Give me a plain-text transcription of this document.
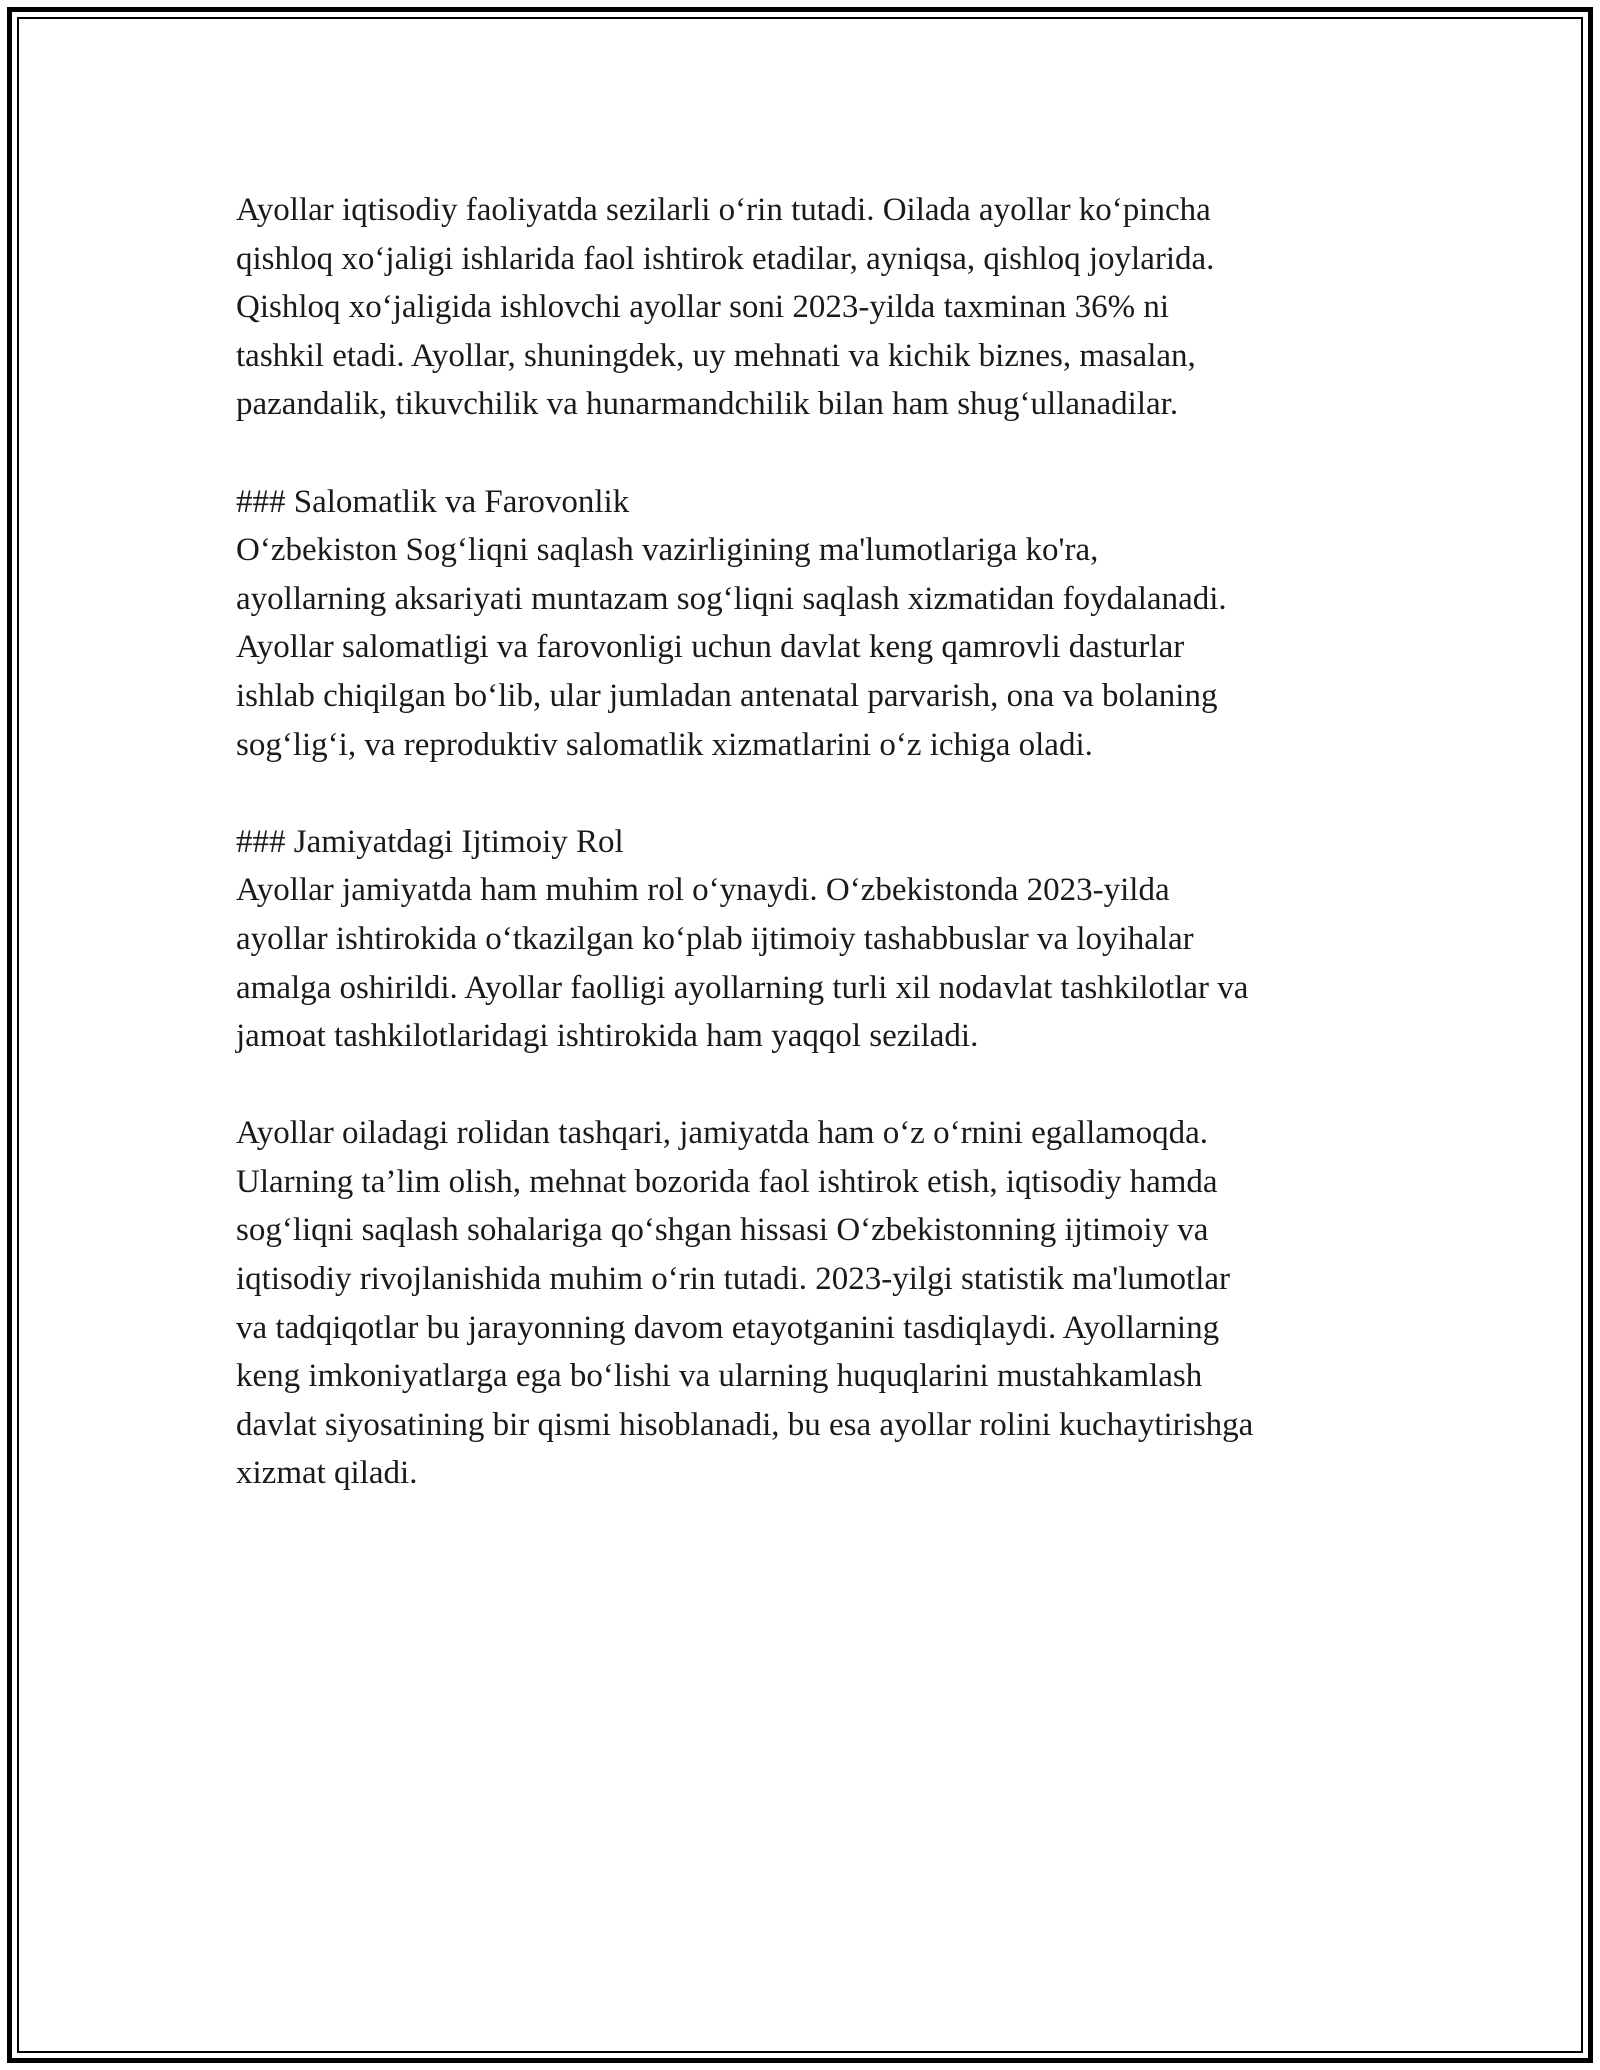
Ayollar iqtisodiy faoliyatda sezilarli o‘rin tutadi. Oilada ayollar ko‘pincha
qishloq xo‘jaligi ishlarida faol ishtirok etadilar, ayniqsa, qishloq joylarida.
Qishloq xo‘jaligida ishlovchi ayollar soni 2023-yilda taxminan 36% ni
tashkil etadi. Ayollar, shuningdek, uy mehnati va kichik biznes, masalan,
pazandalik, tikuvchilik va hunarmandchilik bilan ham shug‘ullanadilar.

### Salomatlik va Farovonlik

O‘zbekiston Sog‘liqni saqlash vazirligining ma'lumotlariga ko'ra,
ayollarning aksariyati muntazam sog‘liqni saqlash xizmatidan foydalanadi.
Ayollar salomatligi va farovonligi uchun davlat keng qamrovli dasturlar
ishlab chiqilgan bo‘lib, ular jumladan antenatal parvarish, ona va bolaning
sog‘lig‘i, va reproduktiv salomatlik xizmatlarini o‘z ichiga oladi.

### Jamiyatdagi Ijtimoiy Rol

Ayollar jamiyatda ham muhim rol o‘ynaydi. O‘zbekistonda 2023-yilda
ayollar ishtirokida o‘tkazilgan ko‘plab ijtimoiy tashabbuslar va loyihalar
amalga oshirildi. Ayollar faolligi ayollarning turli xil nodavlat tashkilotlar va
jamoat tashkilotlaridagi ishtirokida ham yaqqol seziladi.

Ayollar oiladagi rolidan tashqari, jamiyatda ham o‘z o‘rnini egallamoqda.
Ularning ta’lim olish, mehnat bozorida faol ishtirok etish, iqtisodiy hamda
sog‘liqni saqlash sohalariga qo‘shgan hissasi O‘zbekistonning ijtimoiy va
iqtisodiy rivojlanishida muhim o‘rin tutadi. 2023-yilgi statistik ma'lumotlar
va tadqiqotlar bu jarayonning davom etayotganini tasdiqlaydi. Ayollarning
keng imkoniyatlarga ega bo‘lishi va ularning huquqlarini mustahkamlash
davlat siyosatining bir qismi hisoblanadi, bu esa ayollar rolini kuchaytirishga
xizmat qiladi.
